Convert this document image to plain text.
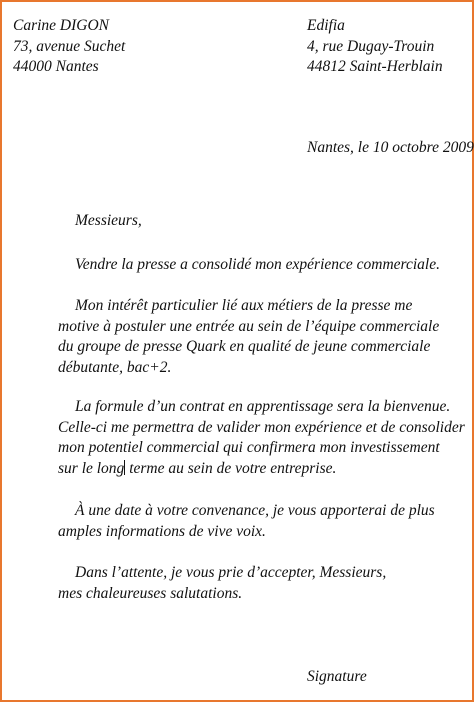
Carine DIGON
73, avenue Suchet
44000 Nantes
Edifia
4, rue Dugay-Trouin
44812 Saint-Herblain
Nantes, le 10 octobre 2009
Messieurs,
Vendre la presse a consolidé mon expérience commerciale.
Mon intérêt particulier lié aux métiers de la presse me
motive à postuler une entrée au sein de l’équipe commerciale
du groupe de presse Quark en qualité de jeune commerciale
débutante, bac+2.
La formule d’un contrat en apprentissage sera la bienvenue.
Celle-ci me permettra de valider mon expérience et de consolider
mon potentiel commercial qui confirmera mon investissement
sur le long terme au sein de votre entreprise.
À une date à votre convenance, je vous apporterai de plus
amples informations de vive voix.
Dans l’attente, je vous prie d’accepter, Messieurs,
mes chaleureuses salutations.
Signature
